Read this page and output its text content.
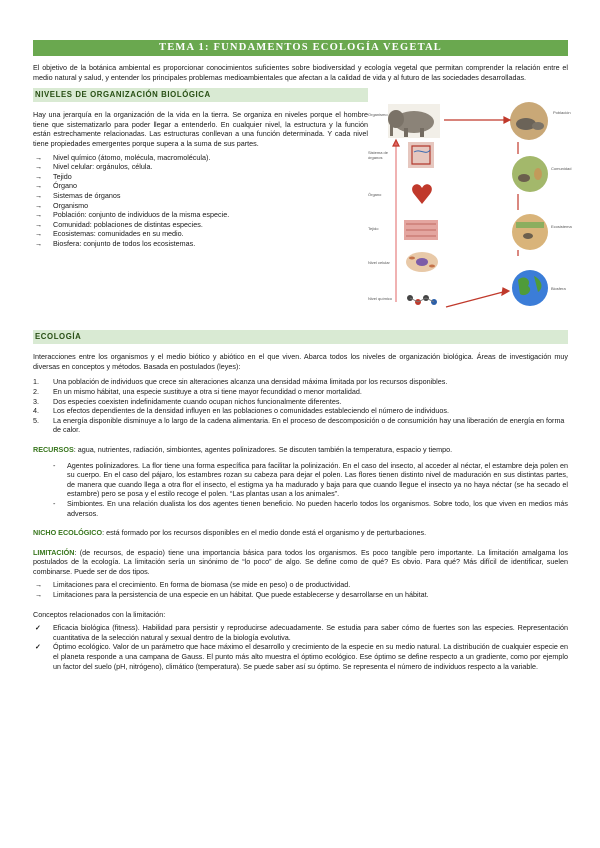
TEMA 1: FUNDAMENTOS ECOLOGÍA VEGETAL

El objetivo de la botánica ambiental es proporcionar conocimientos suficientes sobre biodiversidad y ecología vegetal que permitan comprender la relación entre el medio natural y salud, y entender los principales problemas medioambientales que afectan a la calidad de vida y al futuro de las sociedades desarrolladas.

NIVELES DE ORGANIZACIÓN BIOLÓGICA

Hay una jerarquía en la organización de la vida en la tierra. Se organiza en niveles porque el hombre tiene que sistematizarlo para poder llegar a entenderlo. En cualquier nivel, la estructura y la función están estrechamente relacionadas. Las estructuras conllevan a una función determinada. Y cada nivel tiene propiedades emergentes porque supera a la suma de sus partes.

→ Nivel químico (átomo, molécula, macromolécula).
→ Nivel celular: orgánulos, célula.
→ Tejido
→ Órgano
→ Sistemas de órganos
→ Organismo
→ Población: conjunto de individuos de la misma especie.
→ Comunidad: poblaciones de distintas especies.
→ Ecosistemas: comunidades en su medio.
→ Biosfera: conjunto de todos los ecosistemas.
Población
Comunidad
Ecosistema
Biosfera
Organismo
Sistema de órganos
Órgano
Tejido
Nivel celular
Nivel químico
ECOLOGÍA

Interacciones entre los organismos y el medio biótico y abiótico en el que viven. Abarca todos los niveles de organización biológica. Áreas de investigación muy diversas en conceptos y métodos. Basada en postulados (leyes):

1. Una población de individuos que crece sin alteraciones alcanza una densidad máxima limitada por los recursos disponibles.
2. En un mismo hábitat, una especie sustituye a otra si tiene mayor fecundidad o menor mortalidad.
3. Dos especies coexisten indefinidamente cuando ocupan nichos funcionalmente diferentes.
4. Los efectos dependientes de la densidad influyen en las poblaciones o comunidades estableciendo el número de individuos.
5. La energía disponible disminuye a lo largo de la cadena alimentaria. En el proceso de descomposición o de consumición hay una liberación de energía en forma de calor.

RECURSOS: agua, nutrientes, radiación, simbiontes, agentes polinizadores. Se discuten también la temperatura, espacio y tiempo.

- Agentes polinizadores. La flor tiene una forma específica para facilitar la polinización. En el caso del insecto, al acceder al néctar, el estambre deja polen en su cuerpo. En el caso del pájaro, los estambres rozan su cabeza para dejar el polen. Las flores tienen distinto nivel de maduración en sus distintas partes, de manera que cuando llega a otra flor el insecto, el estigma ya ha madurado y baja para que cuando llegue el insecto ya no haya néctar (se ha secado el estambre) pero se posa y el estilo recoge el polen. “Las plantas usan a los animales”.
- Simbiontes. En una relación dualista los dos agentes tienen beneficio. No pueden hacerlo todos los organismos. Sobre todo, los que viven en medios más adversos.

NICHO ECOLÓGICO: está formado por los recursos disponibles en el medio donde está el organismo y de perturbaciones.

LIMITACIÓN: (de recursos, de espacio) tiene una importancia básica para todos los organismos. Es poco tangible pero importante. La limitación amalgama los postulados de la ecología. La limitación sería un sinónimo de “lo poco” de algo. Se define como de qué? Es obvio. Para qué? Más difícil de identificar, suelen combinarse. Puede ser de dos tipos.

→ Limitaciones para el crecimiento. En forma de biomasa (se mide en peso) o de productividad.
→ Limitaciones para la persistencia de una especie en un hábitat. Que puede establecerse y desarrollarse en un hábitat.

Conceptos relacionados con la limitación:

✓ Eficacia biológica (fitness). Habilidad para persistir y reproducirse adecuadamente. Se estudia para saber cómo de fuertes son las especies. Representación cuantitativa de la selección natural y sexual dentro de la biología evolutiva.
✓ Óptimo ecológico. Valor de un parámetro que hace máximo el desarrollo y crecimiento de la especie en su medio natural. La distribución de cualquier especie en el planeta responde a una campana de Gauss. El punto más alto muestra el óptimo ecológico. Ese óptimo se define respecto a un gradiente, como por ejemplo un factor del suelo (pH, nitrógeno), climático (temperatura). Se puede saber así su óptimo. Se representa el número de individuos respecto a la variable.
